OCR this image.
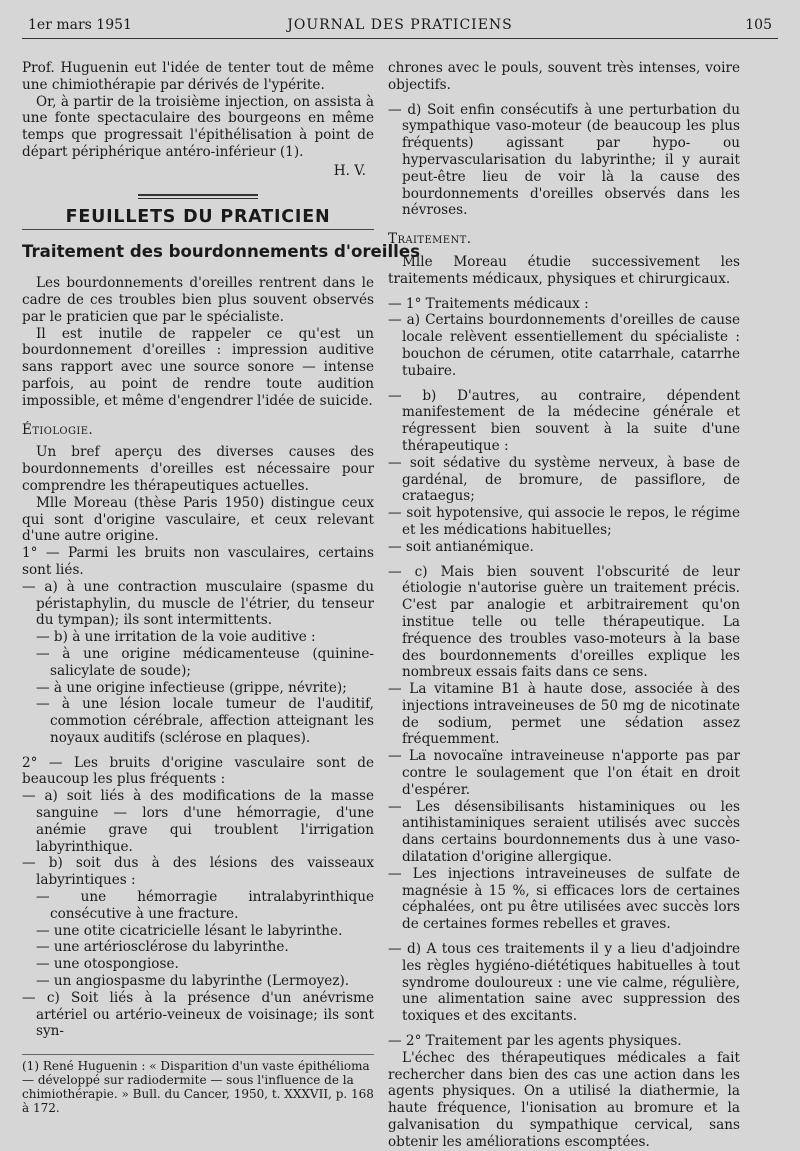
1er mars 1951	JOURNAL DES PRATICIENS	105

Prof. Huguenin eut l'idée de tenter tout de même une chimiothérapie par dérivés de l'ypérite.

Or, à partir de la troisième injection, on assista à une fonte spectaculaire des bourgeons en même temps que progressait l'épithélisation à point de départ périphérique antéro-inférieur (1).

H. V.

FEUILLETS DU PRATICIEN
Traitement des bourdonnements d'oreilles

Les bourdonnements d'oreilles rentrent dans le cadre de ces troubles bien plus souvent observés par le praticien que par le spécialiste.

Il est inutile de rappeler ce qu'est un bourdonnement d'oreilles : impression auditive sans rapport avec une source sonore — intense parfois, au point de rendre toute audition impossible, et même d'engendrer l'idée de suicide.

Étiologie.

Un bref aperçu des diverses causes des bourdonnements d'oreilles est nécessaire pour comprendre les thérapeutiques actuelles.

Mlle Moreau (thèse Paris 1950) distingue ceux qui sont d'origine vasculaire, et ceux relevant d'une autre origine.

1° — Parmi les bruits non vasculaires, certains sont liés.

— a) à une contraction musculaire (spasme du péristaphylin, du muscle de l'étrier, du tenseur du tympan); ils sont intermittents.

— b) à une irritation de la voie auditive :

— à une origine médicamenteuse (quinine-salicylate de soude);

— à une origine infectieuse (grippe, névrite);

— à une lésion locale tumeur de l'auditif, commotion cérébrale, affection atteignant les noyaux auditifs (sclérose en plaques).

2° — Les bruits d'origine vasculaire sont de beaucoup les plus fréquents :

— a) soit liés à des modifications de la masse sanguine — lors d'une hémorragie, d'une anémie grave qui troublent l'irrigation labyrinthique.

— b) soit dus à des lésions des vaisseaux labyrintiques :

— une hémorragie intralabyrinthique consécutive à une fracture.

— une otite cicatricielle lésant le labyrinthe.

— une artériosclérose du labyrinthe.

— une otospongiose.

— un angiospasme du labyrinthe (Lermoyez).

— c) Soit liés à la présence d'un anévrisme artériel ou artério-veineux de voisinage; ils sont syn-

(1) René Huguenin : « Disparition d'un vaste épithélioma — développé sur radiodermite — sous l'influence de la chimiothérapie. » Bull. du Cancer, 1950, t. XXXVII, p. 168 à 172.

chrones avec le pouls, souvent très intenses, voire objectifs.

— d) Soit enfin consécutifs à une perturbation du sympathique vaso-moteur (de beaucoup les plus fréquents) agissant par hypo- ou hypervascularisation du labyrinthe; il y aurait peut-être lieu de voir là la cause des bourdonnements d'oreilles observés dans les névroses.

Traitement.

Mlle Moreau étudie successivement les traitements médicaux, physiques et chirurgicaux.

— 1° Traitements médicaux :

— a) Certains bourdonnements d'oreilles de cause locale relèvent essentiellement du spécialiste : bouchon de cérumen, otite catarrhale, catarrhe tubaire.

— b) D'autres, au contraire, dépendent manifestement de la médecine générale et régressent bien souvent à la suite d'une thérapeutique :

— soit sédative du système nerveux, à base de gardénal, de bromure, de passiflore, de crataegus;

— soit hypotensive, qui associe le repos, le régime et les médications habituelles;

— soit antianémique.

— c) Mais bien souvent l'obscurité de leur étiologie n'autorise guère un traitement précis. C'est par analogie et arbitrairement qu'on institue telle ou telle thérapeutique. La fréquence des troubles vaso-moteurs à la base des bourdonnements d'oreilles explique les nombreux essais faits dans ce sens.

— La vitamine B1 à haute dose, associée à des injections intraveineuses de 50 mg de nicotinate de sodium, permet une sédation assez fréquemment.

— La novocaïne intraveineuse n'apporte pas par contre le soulagement que l'on était en droit d'espérer.

— Les désensibilisants histaminiques ou les antihistaminiques seraient utilisés avec succès dans certains bourdonnements dus à une vaso-dilatation d'origine allergique.

— Les injections intraveineuses de sulfate de magnésie à 15 %, si efficaces lors de certaines céphalées, ont pu être utilisées avec succès lors de certaines formes rebelles et graves.

— d) A tous ces traitements il y a lieu d'adjoindre les règles hygiéno-diététiques habituelles à tout syndrome douloureux : une vie calme, régulière, une alimentation saine avec suppression des toxiques et des excitants.

— 2° Traitement par les agents physiques.

L'échec des thérapeutiques médicales a fait rechercher dans bien des cas une action dans les agents physiques. On a utilisé la diathermie, la haute fréquence, l'ionisation au bromure et la galvanisation du sympathique cervical, sans obtenir les améliorations escomptées.
